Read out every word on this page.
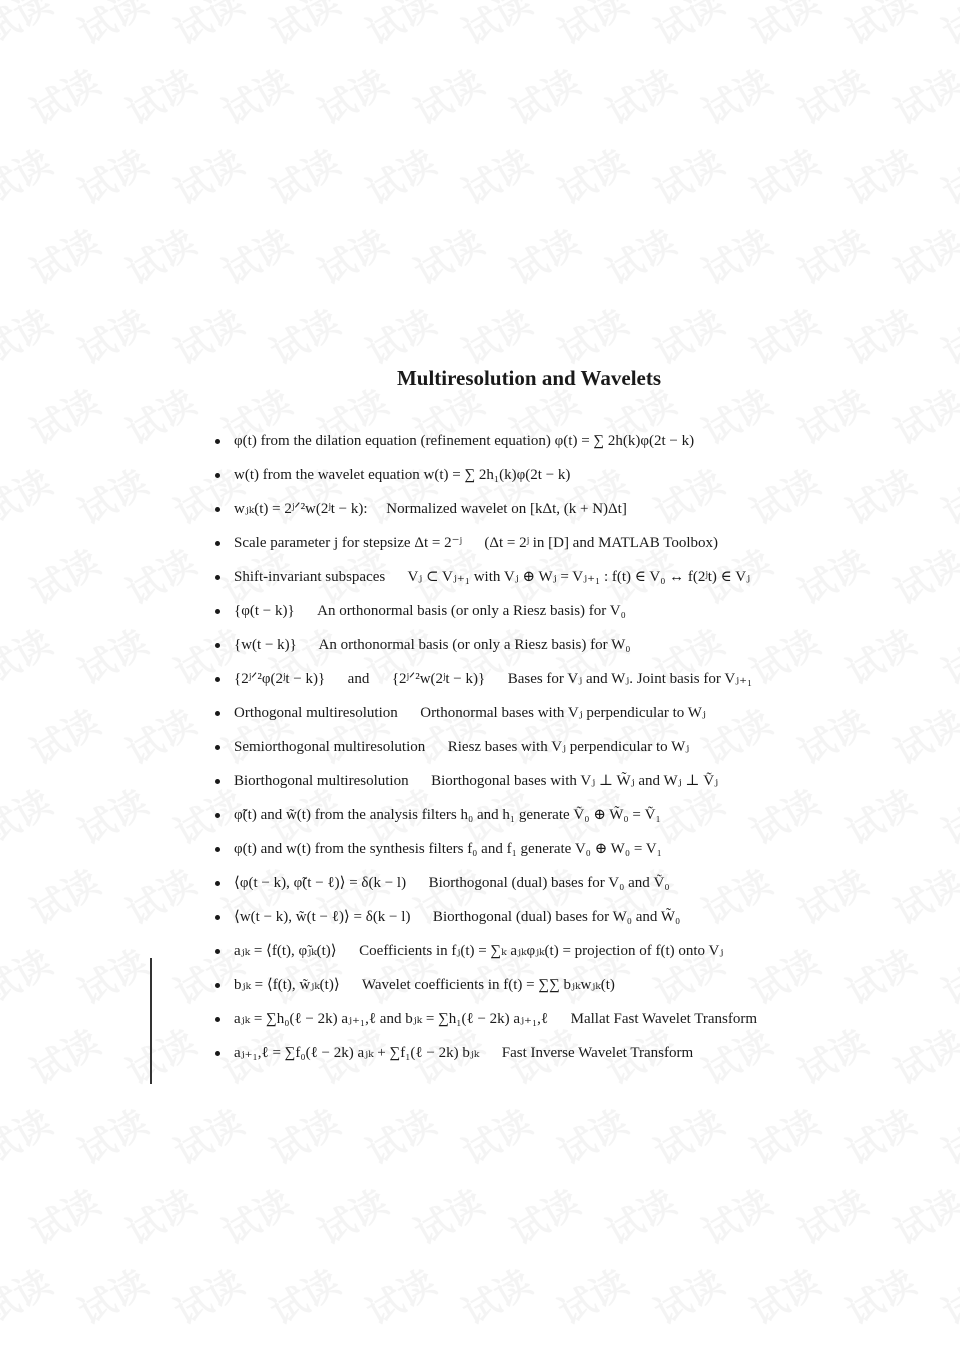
Multiresolution and Wavelets
φ(t) from the dilation equation (refinement equation) φ(t) = ∑ 2h(k)φ(2t − k)
w(t) from the wavelet equation w(t) = ∑ 2h₁(k)φ(2t − k)
wⱼₖ(t) = 2ʲᐟ²w(2ʲt − k):     Normalized wavelet on [kΔt, (k + N)Δt]
Scale parameter j for stepsize Δt = 2⁻ʲ      (Δt = 2ʲ in [D] and MATLAB Toolbox)
Shift-invariant subspaces      Vⱼ ⊂ Vⱼ₊₁ with Vⱼ ⊕ Wⱼ = Vⱼ₊₁ : f(t) ∈ V₀ ↔ f(2ʲt) ∈ Vⱼ
{φ(t − k)}      An orthonormal basis (or only a Riesz basis) for V₀
{w(t − k)}      An orthonormal basis (or only a Riesz basis) for W₀
{2ʲᐟ²φ(2ʲt − k)}      and      {2ʲᐟ²w(2ʲt − k)}      Bases for Vⱼ and Wⱼ. Joint basis for Vⱼ₊₁
Orthogonal multiresolution      Orthonormal bases with Vⱼ perpendicular to Wⱼ
Semiorthogonal multiresolution      Riesz bases with Vⱼ perpendicular to Wⱼ
Biorthogonal multiresolution      Biorthogonal bases with Vⱼ ⊥ W̃ⱼ and Wⱼ ⊥ Ṽⱼ
φ̃(t) and w̃(t) from the analysis filters h₀ and h₁ generate Ṽ₀ ⊕ W̃₀ = Ṽ₁
φ(t) and w(t) from the synthesis filters f₀ and f₁ generate V₀ ⊕ W₀ = V₁
⟨φ(t − k), φ̃(t − ℓ)⟩ = δ(k − l)      Biorthogonal (dual) bases for V₀ and Ṽ₀
⟨w(t − k), w̃(t − ℓ)⟩ = δ(k − l)      Biorthogonal (dual) bases for W₀ and W̃₀
aⱼₖ = ⟨f(t), φ̃ⱼₖ(t)⟩      Coefficients in fⱼ(t) = ∑ₖ aⱼₖφⱼₖ(t) = projection of f(t) onto Vⱼ
bⱼₖ = ⟨f(t), w̃ⱼₖ(t)⟩      Wavelet coefficients in f(t) = ∑∑ bⱼₖwⱼₖ(t)
aⱼₖ = ∑h₀(ℓ − 2k) aⱼ₊₁,ℓ and bⱼₖ = ∑h₁(ℓ − 2k) aⱼ₊₁,ℓ      Mallat Fast Wavelet Transform
aⱼ₊₁,ℓ = ∑f₀(ℓ − 2k) aⱼₖ + ∑f₁(ℓ − 2k) bⱼₖ      Fast Inverse Wavelet Transform
